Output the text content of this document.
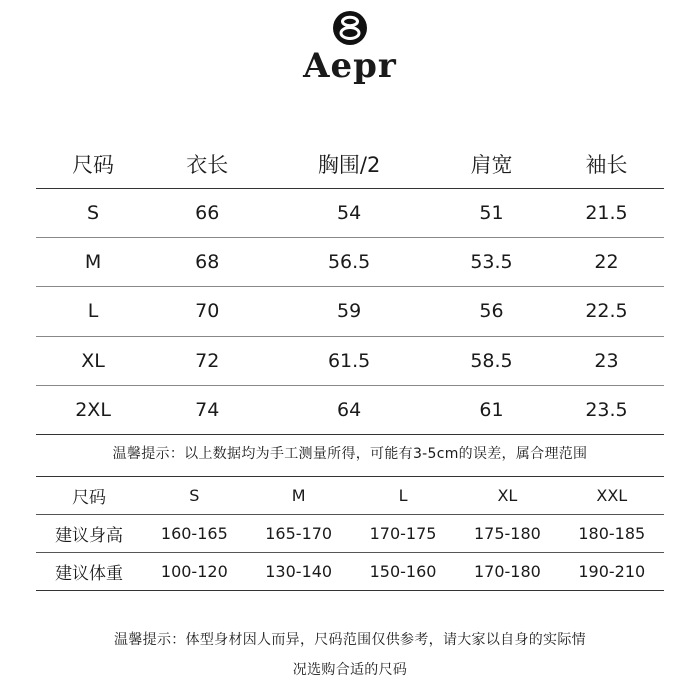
Aepr
尺码	衣长	胸围/2	肩宽	袖长
S	66	54	51	21.5
M	68	56.5	53.5	22
L	70	59	56	22.5
XL	72	61.5	58.5	23
2XL	74	64	61	23.5
温馨提示：以上数据均为手工测量所得，可能有3-5cm的误差，属合理范围
尺码	S	M	L	XL	XXL
建议身高	160-165	165-170	170-175	175-180	180-185
建议体重	100-120	130-140	150-160	170-180	190-210
温馨提示：体型身材因人而异，尺码范围仅供参考，请大家以自身的实际情
况选购合适的尺码
